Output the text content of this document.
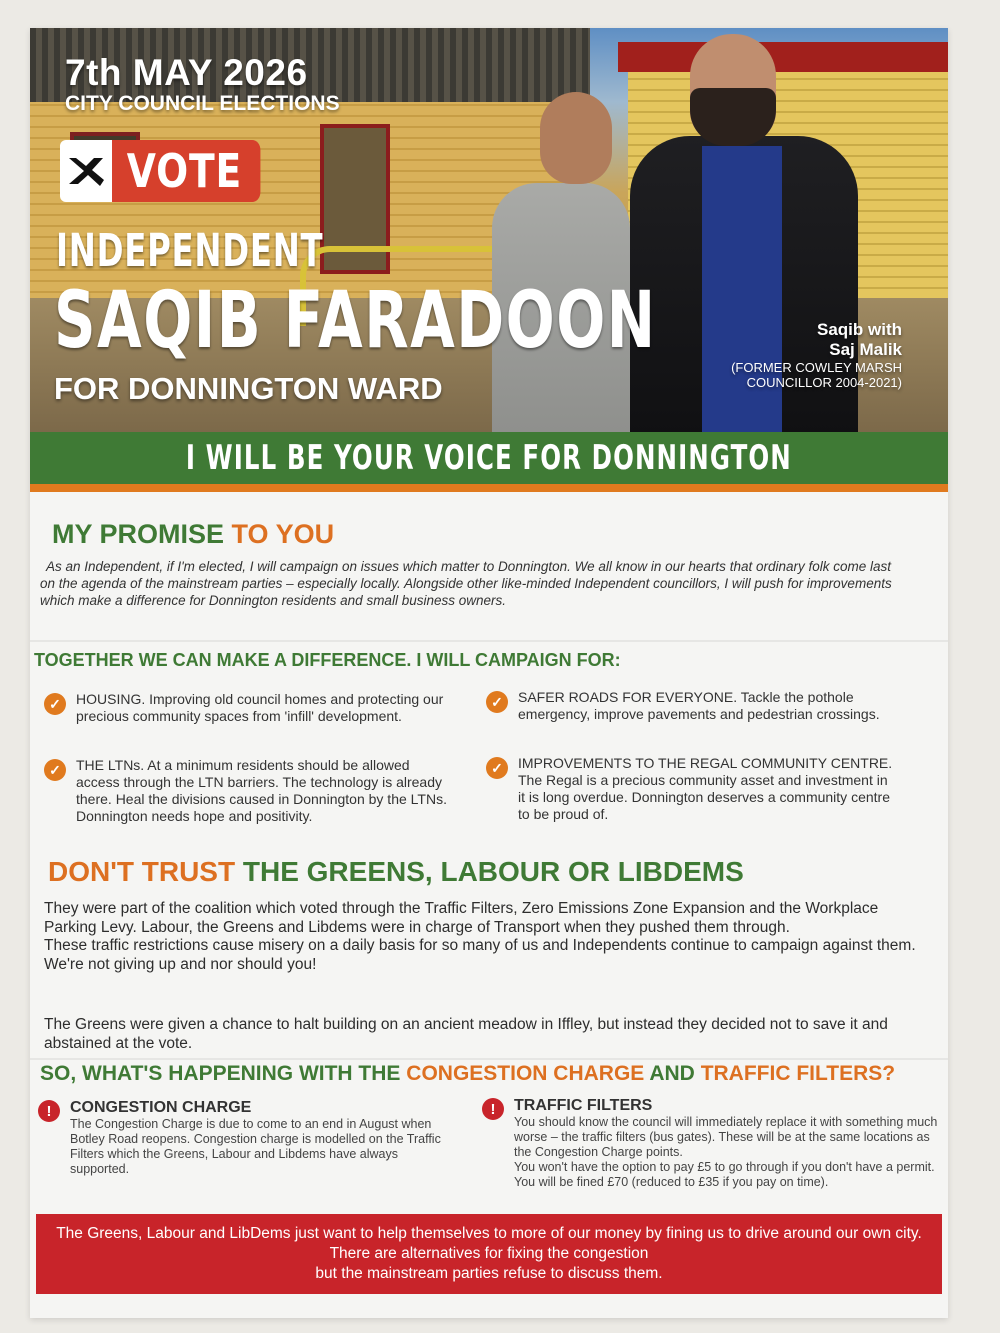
7th MAY 2026
CITY COUNCIL ELECTIONS
VOTE
INDEPENDENT
SAQIB FARADOON
FOR DONNINGTON WARD
Saqib with
Saj Malik
(FORMER COWLEY MARSH
COUNCILLOR 2004-2021)
I WILL BE YOUR VOICE FOR DONNINGTON
MY PROMISE TO YOU
As an Independent, if I'm elected, I will campaign on issues which matter to Donnington. We all know in our hearts that ordinary folk come last on the agenda of the mainstream parties – especially locally. Alongside other like-minded Independent councillors, I will push for improvements which make a difference for Donnington residents and small business owners.
TOGETHER WE CAN MAKE A DIFFERENCE. I WILL CAMPAIGN FOR:
✓	HOUSING. Improving old council homes and protecting our precious community spaces from 'infill' development.
✓	THE LTNs. At a minimum residents should be allowed access through the LTN barriers. The technology is already there. Heal the divisions caused in Donnington by the LTNs. Donnington needs hope and positivity.
✓	SAFER ROADS FOR EVERYONE. Tackle the pothole emergency, improve pavements and pedestrian crossings.
✓	IMPROVEMENTS TO THE REGAL COMMUNITY CENTRE. The Regal is a precious community asset and investment in it is long overdue. Donnington deserves a community centre to be proud of.
DON'T TRUST THE GREENS, LABOUR OR LIBDEMS
They were part of the coalition which voted through the Traffic Filters, Zero Emissions Zone Expansion and the Workplace Parking Levy. Labour, the Greens and Libdems were in charge of Transport when they pushed them through.
These traffic restrictions cause misery on a daily basis for so many of us and Independents continue to campaign against them. We're not giving up and nor should you!
The Greens were given a chance to halt building on an ancient meadow in Iffley, but instead they decided not to save it and abstained at the vote.
SO, WHAT'S HAPPENING WITH THE CONGESTION CHARGE AND TRAFFIC FILTERS?
!	CONGESTION CHARGE
The Congestion Charge is due to come to an end in August when Botley Road reopens. Congestion charge is modelled on the Traffic Filters which the Greens, Labour and Libdems have always supported.
!	TRAFFIC FILTERS
You should know the council will immediately replace it with something much worse – the traffic filters (bus gates). These will be at the same locations as the Congestion Charge points.
You won't have the option to pay £5 to go through if you don't have a permit. You will be fined £70 (reduced to £35 if you pay on time).
The Greens, Labour and LibDems just want to help themselves to more of our money by fining us to drive around our own city. There are alternatives for fixing the congestion
but the mainstream parties refuse to discuss them.
